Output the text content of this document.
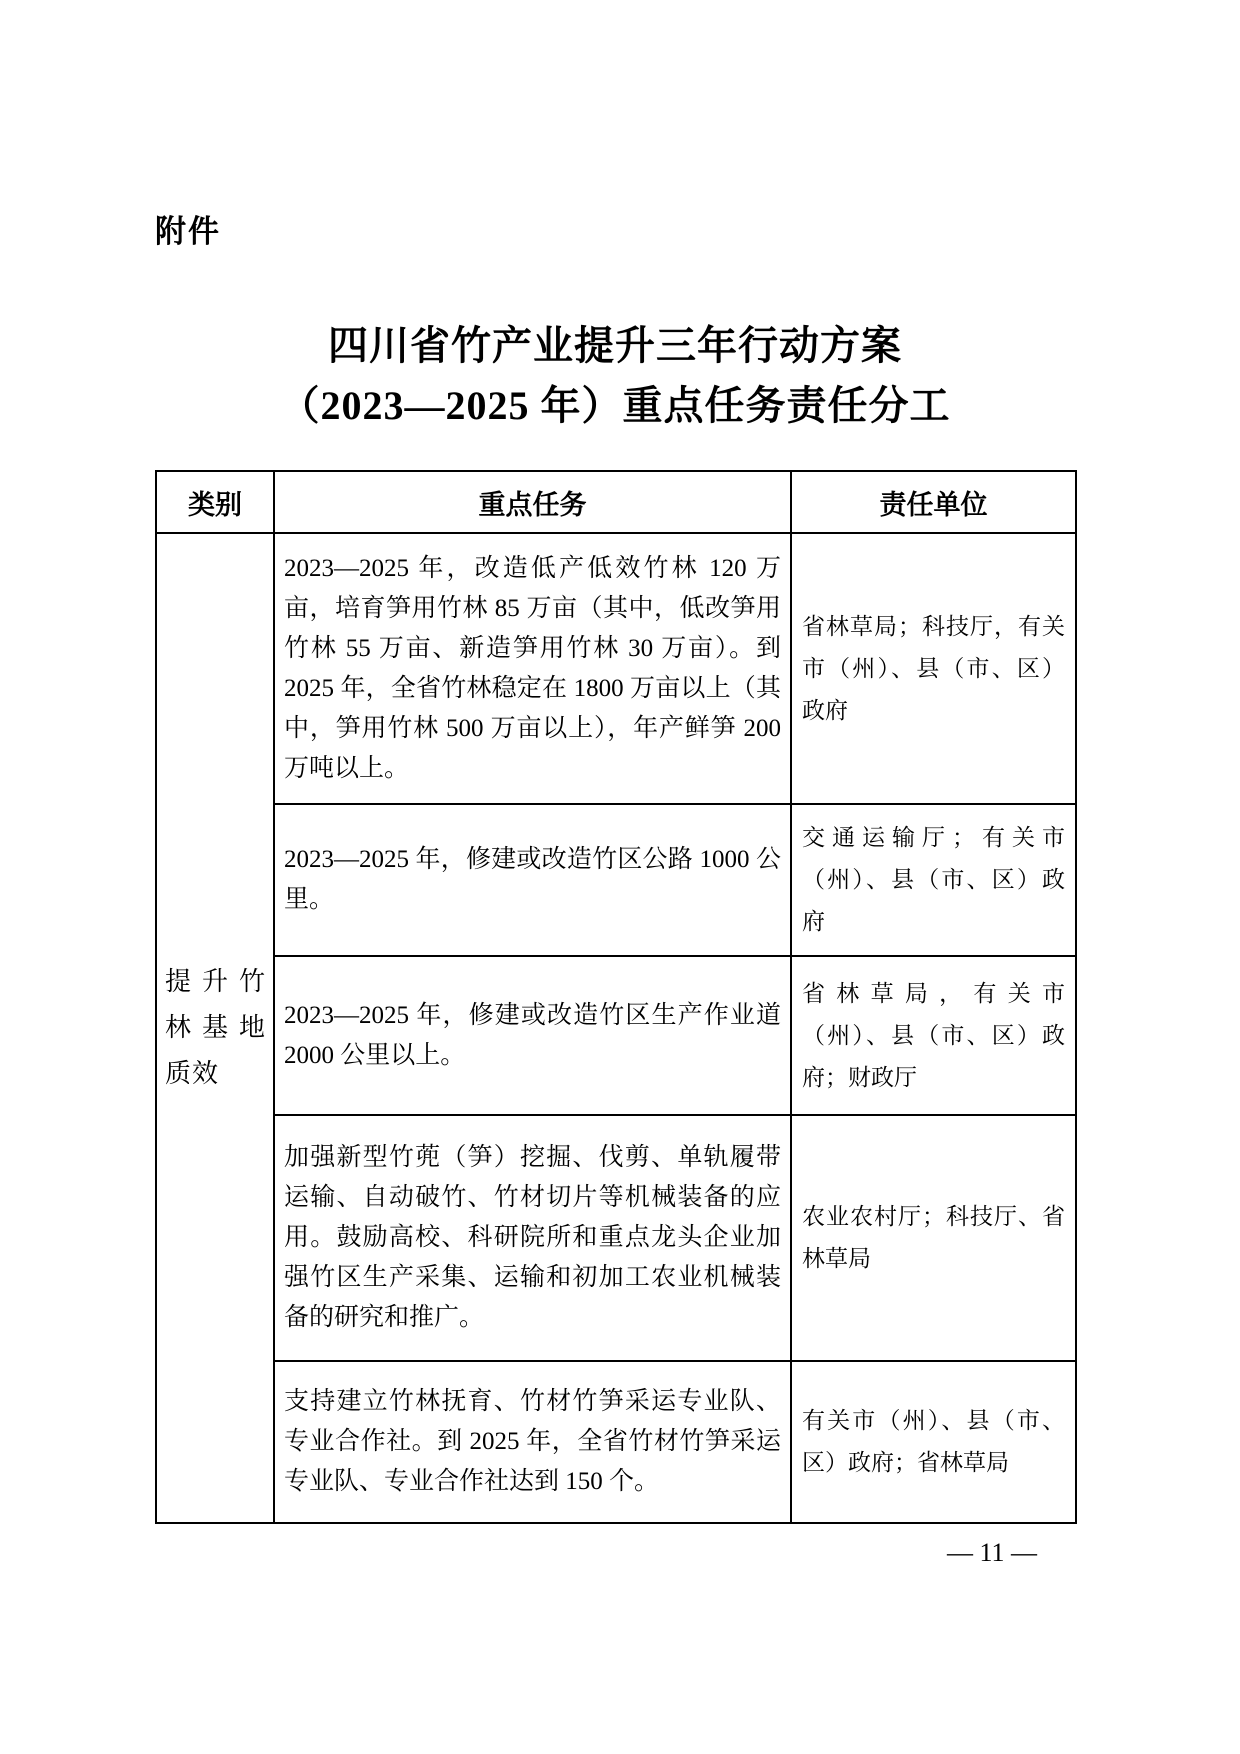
附件
四川省竹产业提升三年行动方案
（2023—2025 年）重点任务责任分工
类别	重点任务	责任单位

提升竹
林基地
质效	2023—2025 年，改造低产低效竹林 120 万亩，培育笋用竹林 85 万亩（其中，低改笋用竹林 55 万亩、新造笋用竹林 30 万亩）。到 2025 年，全省竹林稳定在 1800 万亩以上（其中，笋用竹林 500 万亩以上），年产鲜笋 200 万吨以上。	省林草局；科技厅，有关市（州）、县（市、区）政府
	2023—2025 年，修建或改造竹区公路 1000 公里。	交通运输厅；有关市（州）、县（市、区）政府
	2023—2025 年，修建或改造竹区生产作业道 2000 公里以上。	省林草局，有关市（州）、县（市、区）政府；财政厅
	加强新型竹蔸（笋）挖掘、伐剪、单轨履带运输、自动破竹、竹材切片等机械装备的应用。鼓励高校、科研院所和重点龙头企业加强竹区生产采集、运输和初加工农业机械装备的研究和推广。	农业农村厅；科技厅、省林草局
	支持建立竹林抚育、竹材竹笋采运专业队、专业合作社。到 2025 年，全省竹材竹笋采运专业队、专业合作社达到 150 个。	有关市（州）、县（市、区）政府；省林草局
— 11 —
